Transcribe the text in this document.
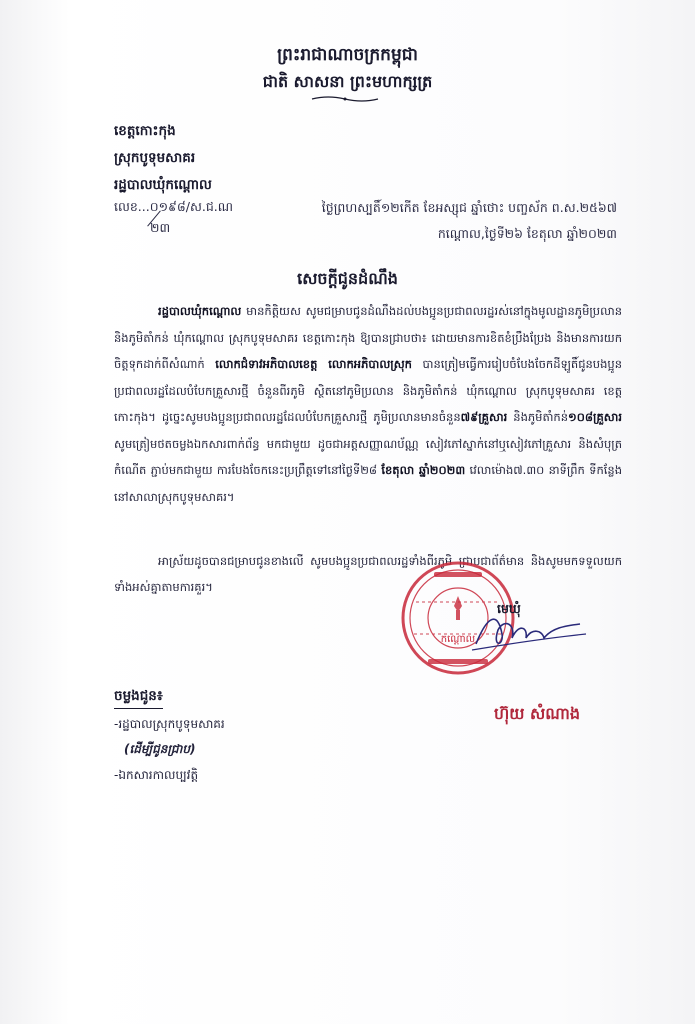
ព្រះរាជាណាចក្រកម្ពុជា
ជាតិ សាសនា ព្រះមហាក្សត្រ
ខេត្តកោះកុង
ស្រុកបូទុមសាគរ
រដ្ឋបាលឃុំកណ្តោល
លេខ...០១៩៨/ស.ជ.ណ
២៣
ថ្ងៃព្រហស្បតិ៍១២កើត ខែអស្សុជ ឆ្នាំថោះ បញ្ចស័ក ព.ស.២៥៦៧
កណ្តោល,ថ្ងៃទី២៦ ខែតុលា ឆ្នាំ២០២៣
សេចក្តីជូនដំណឹង
រដ្ឋបាលឃុំកណ្តោល មានកិត្តិយស សូមជម្រាបជូនដំណឹងដល់បងប្អូនប្រជាពលរដ្ឋរស់នៅក្នុងមូលដ្ឋានភូមិប្រលាន និងភូមិតាំកន់ ឃុំកណ្តោល ស្រុកបូទុមសាគរ ខេត្តកោះកុង ឱ្យបានជ្រាបថា៖ ដោយមានការខិតខំប្រឹងប្រែង និងមានការយកចិត្តទុកដាក់ពីសំណាក់ លោកជំទាវអភិបាលខេត្ត លោកអភិបាលស្រុក បានត្រៀមធ្វើការរៀបចំបែងចែកដីឡូតិ៍ជូនបងប្អូនប្រជាពលរដ្ឋដែលបំបែកគ្រួសារថ្មី ចំនួនពីរភូមិ ស្ថិតនៅភូមិប្រលាន និងភូមិតាំកន់ ឃុំកណ្តោល ស្រុកបូទុមសាគរ ខេត្តកោះកុង។ ដូច្នេះសូមបងប្អូនប្រជាពលរដ្ឋដែលបំបែកគ្រួសារថ្មី ភូមិប្រលានមានចំនួន៧៩គ្រួសារ និងភូមិតាំកន់១០៨គ្រួសារ សូមត្រៀមថតចម្លងឯកសារពាក់ព័ន្ធ មកជាមួយ ដូចជាអត្តសញ្ញាណប័ណ្ណ សៀវភៅស្នាក់នៅឬសៀវភៅគ្រួសារ និងសំបុត្រកំណើត ភ្ជាប់មកជាមួយ ការបែងចែកនេះប្រព្រឹត្តទៅនៅថ្ងៃទី២៨ ខែតុលា ឆ្នាំ២០២៣ វេលាម៉ោង៧.៣០ នាទីព្រឹក ទីកន្លែងនៅសាលាស្រុកបូទុមសាគរ។
អាស្រ័យដូចបានជម្រាបជូនខាងលើ សូមបងប្អូនប្រជាពលរដ្ឋទាំងពីរភូមិ ជ្រាបជាព័ត៌មាន និងសូមមកទទួលយកទាំងអស់គ្នាតាមការគួរ។
កណ្តោល
មេឃុំ
ហ៊ុយ សំណាង
ចម្លងជូន៖
-រដ្ឋបាលស្រុកបូទុមសាគរ
(ដើម្បីជូនជ្រាប)
-ឯកសារកាលប្បវត្តិ
